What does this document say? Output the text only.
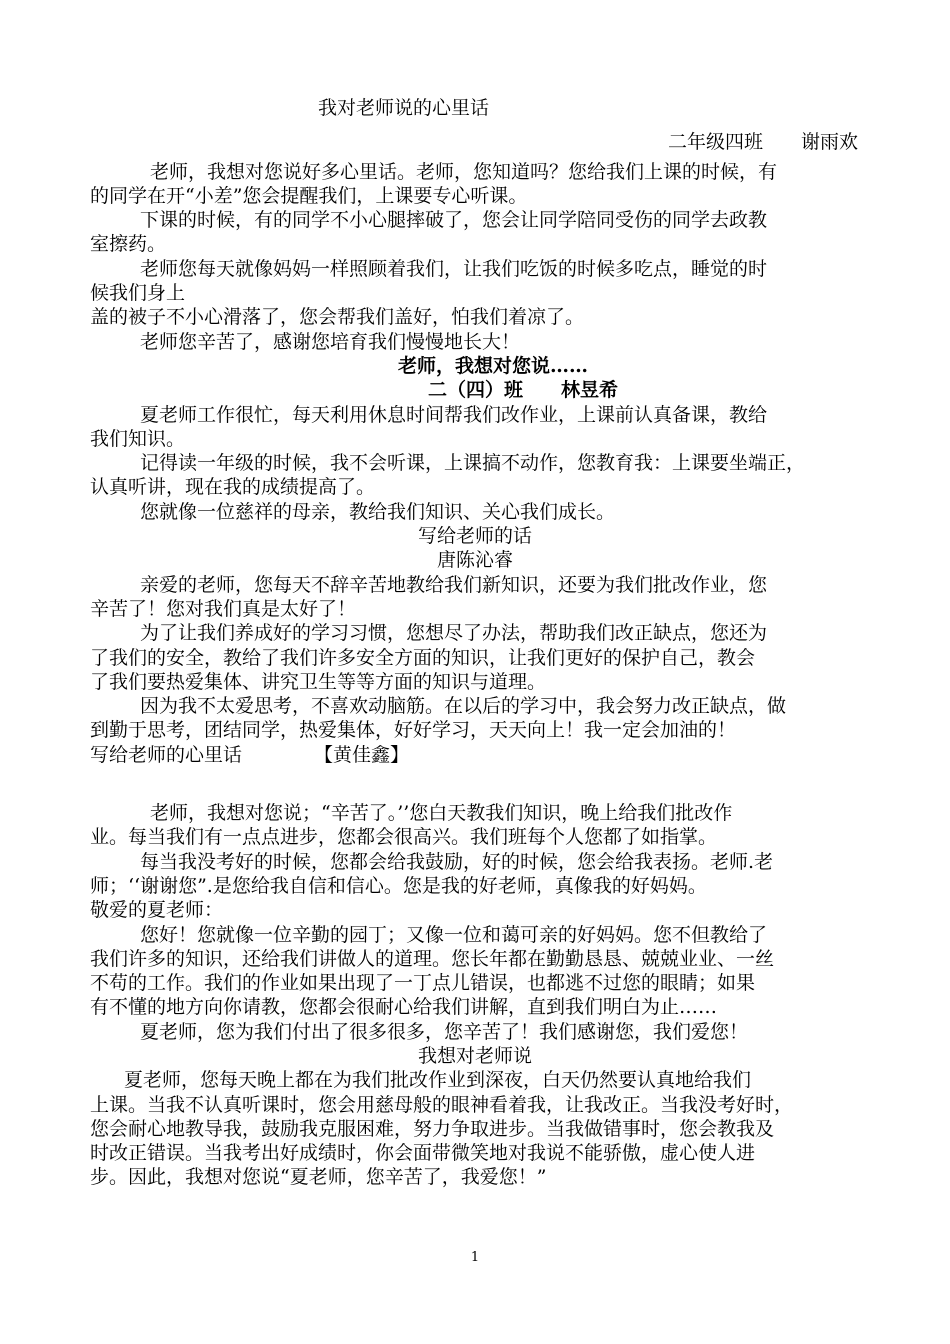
我对老师说的心里话
二年级四班　　谢雨欢
老师，我想对您说好多心里话。老师，您知道吗？您给我们上课的时候，有
的同学在开“小差”您会提醒我们，上课要专心听课。
下课的时候，有的同学不小心腿摔破了，您会让同学陪同受伤的同学去政教
室擦药。
老师您每天就像妈妈一样照顾着我们，让我们吃饭的时候多吃点，睡觉的时
候我们身上
盖的被子不小心滑落了，您会帮我们盖好，怕我们着凉了。
老师您辛苦了，感谢您培育我们慢慢地长大！
老师，我想对您说……
二（四）班　　林昱希
夏老师工作很忙，每天利用休息时间帮我们改作业，上课前认真备课，教给
我们知识。
记得读一年级的时候，我不会听课，上课搞不动作，您教育我：上课要坐端正，
认真听讲，现在我的成绩提高了。
您就像一位慈祥的母亲，教给我们知识、关心我们成长。
写给老师的话
唐陈沁睿
亲爱的老师，您每天不辞辛苦地教给我们新知识，还要为我们批改作业，您
辛苦了！您对我们真是太好了！
为了让我们养成好的学习习惯，您想尽了办法，帮助我们改正缺点，您还为
了我们的安全，教给了我们许多安全方面的知识，让我们更好的保护自己，教会
了我们要热爱集体、讲究卫生等等方面的知识与道理。
因为我不太爱思考，不喜欢动脑筋。在以后的学习中，我会努力改正缺点，做
到勤于思考，团结同学，热爱集体，好好学习，天天向上！我一定会加油的！
写给老师的心里话	【黄佳鑫】
老师，我想对您说；“辛苦了。’’您白天教我们知识，晚上给我们批改作
业。每当我们有一点点进步，您都会很高兴。我们班每个人您都了如指掌。
每当我没考好的时候，您都会给我鼓励，好的时候，您会给我表扬。老师.老
师；‘‘谢谢您”.是您给我自信和信心。您是我的好老师，真像我的好妈妈。
敬爱的夏老师：
您好！您就像一位辛勤的园丁；又像一位和蔼可亲的好妈妈。您不但教给了
我们许多的知识，还给我们讲做人的道理。您长年都在勤勤恳恳、兢兢业业、一丝
不苟的工作。我们的作业如果出现了一丁点儿错误，也都逃不过您的眼睛；如果
有不懂的地方向你请教，您都会很耐心给我们讲解，直到我们明白为止……
夏老师，您为我们付出了很多很多，您辛苦了！我们感谢您，我们爱您！
我想对老师说
夏老师，您每天晚上都在为我们批改作业到深夜，白天仍然要认真地给我们
上课。当我不认真听课时，您会用慈母般的眼神看着我，让我改正。当我没考好时，
您会耐心地教导我，鼓励我克服困难，努力争取进步。当我做错事时，您会教我及
时改正错误。当我考出好成绩时，你会面带微笑地对我说不能骄傲，虚心使人进
步。因此，我想对您说“夏老师，您辛苦了，我爱您！”
1
